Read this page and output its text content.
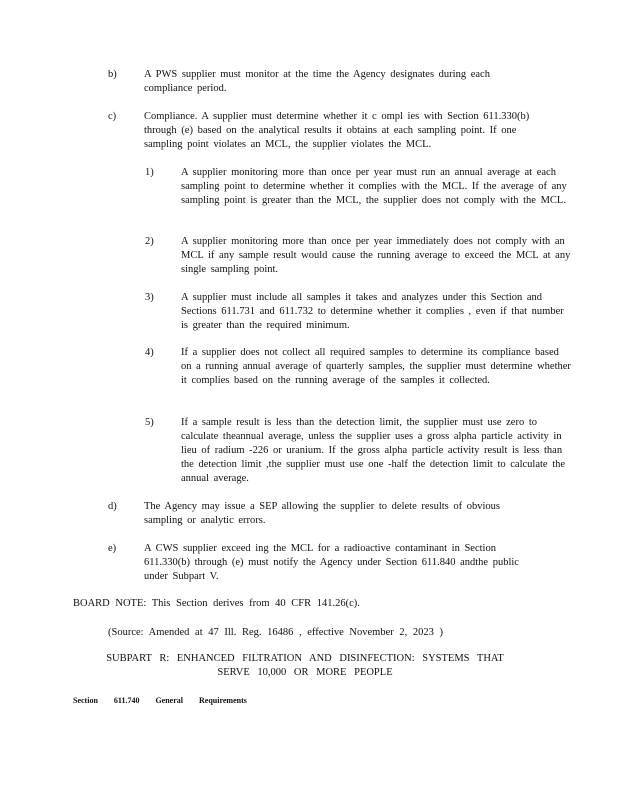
b)	A PWS supplier must monitor at the time the Agency designates during each compliance period.
c)	Compliance. A supplier must determine whether it c ompl ies with Section 611.330(b) through (e) based on the analytical results it obtains at each sampling point. If one sampling point violates an MCL, the supplier violates the MCL.
1)	A supplier monitoring more than once per year must run an annual average at each sampling point to determine whether it complies with the MCL. If the average of any sampling point is greater than the MCL, the supplier does not comply with the MCL.
2)	A supplier monitoring more than once per year immediately does not comply with an MCL if any sample result would cause the running average to exceed the MCL at any single sampling point.
3)	A supplier must include all samples it takes and analyzes under this Section and Sections 611.731 and 611.732 to determine whether it complies , even if that number is greater than the required minimum.
4)	If a supplier does not collect all required samples to determine its compliance based on a running annual average of quarterly samples, the supplier must determine whether it complies based on the running average of the samples it collected.
5)	If a sample result is less than the detection limit, the supplier must use zero to calculate theannual average, unless the supplier uses a gross alpha particle activity in lieu of radium -226 or uranium. If the gross alpha particle activity result is less than the detection limit ,the supplier must use one -half the detection limit to calculate the annual average.
d)	The Agency may issue a SEP allowing the supplier to delete results of obvious sampling or analytic errors.
e)	A CWS supplier exceed ing the MCL for a radioactive contaminant in Section 611.330(b) through (e) must notify the Agency under Section 611.840 andthe public under Subpart V.
BOARD NOTE: This Section derives from 40 CFR 141.26(c).
(Source: Amended at 47 Ill. Reg. 16486 , effective November 2, 2023 )
SUBPART R: ENHANCED FILTRATION AND DISINFECTION: SYSTEMS THAT SERVE 10,000 OR MORE PEOPLE
Section 611.740 General Requirements
